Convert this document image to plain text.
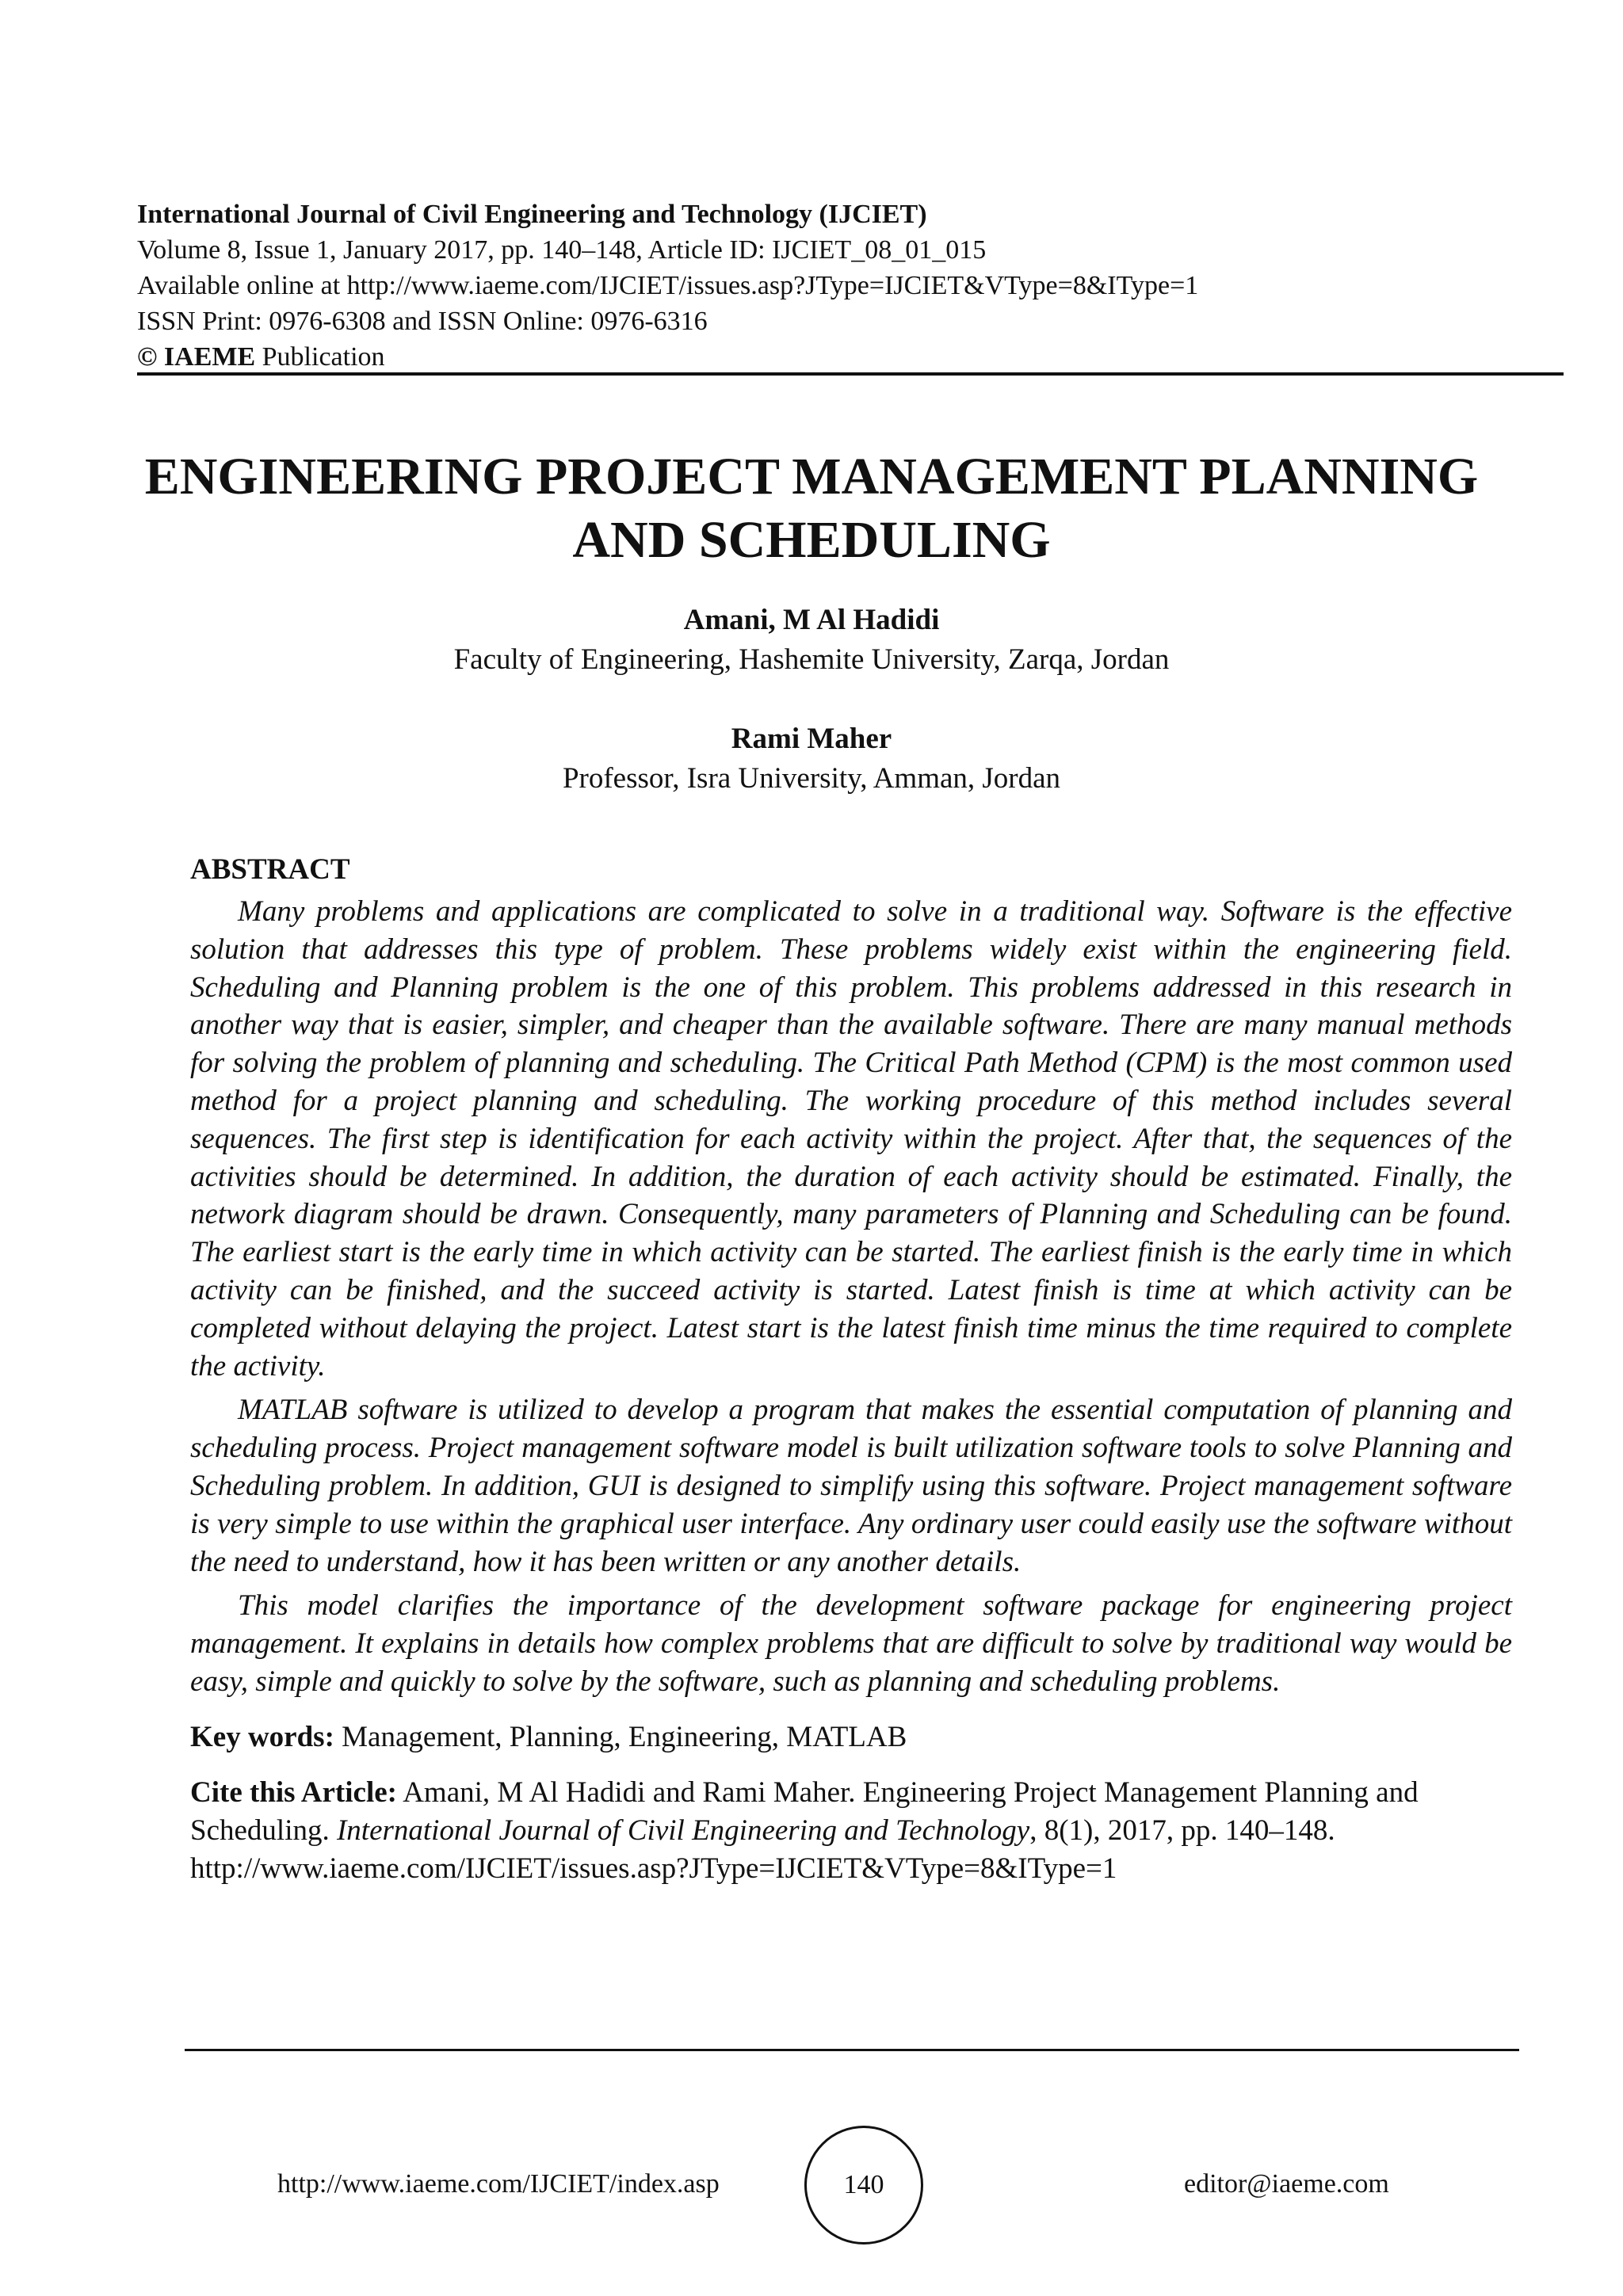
International Journal of Civil Engineering and Technology (IJCIET)
Volume 8, Issue 1, January 2017, pp. 140–148, Article ID: IJCIET_08_01_015
Available online at http://www.iaeme.com/IJCIET/issues.asp?JType=IJCIET&VType=8&IType=1
ISSN Print: 0976-6308 and ISSN Online: 0976-6316
© IAEME Publication
ENGINEERING PROJECT MANAGEMENT PLANNING
AND SCHEDULING
Amani, M Al Hadidi
Faculty of Engineering, Hashemite University, Zarqa, Jordan
Rami Maher
Professor, Isra University, Amman, Jordan
ABSTRACT

Many problems and applications are complicated to solve in a traditional way. Software is the effective solution that addresses this type of problem. These problems widely exist within the engineering field. Scheduling and Planning problem is the one of this problem. This problems addressed in this research in another way that is easier, simpler, and cheaper than the available software. There are many manual methods for solving the problem of planning and scheduling. The Critical Path Method (CPM) is the most common used method for a project planning and scheduling. The working procedure of this method includes several sequences. The first step is identification for each activity within the project. After that, the sequences of the activities should be determined. In addition, the duration of each activity should be estimated. Finally, the network diagram should be drawn. Consequently, many parameters of Planning and Scheduling can be found. The earliest start is the early time in which activity can be started. The earliest finish is the early time in which activity can be finished, and the succeed activity is started. Latest finish is time at which activity can be completed without delaying the project. Latest start is the latest finish time minus the time required to complete the activity.

MATLAB software is utilized to develop a program that makes the essential computation of planning and scheduling process. Project management software model is built utilization software tools to solve Planning and Scheduling problem. In addition, GUI is designed to simplify using this software. Project management software is very simple to use within the graphical user interface. Any ordinary user could easily use the software without the need to understand, how it has been written or any another details.

This model clarifies the importance of the development software package for engineering project management. It explains in details how complex problems that are difficult to solve by traditional way would be easy, simple and quickly to solve by the software, such as planning and scheduling problems.

Key words: Management, Planning, Engineering, MATLAB
Cite this Article: Amani, M Al Hadidi and Rami Maher. Engineering Project Management Planning and Scheduling. International Journal of Civil Engineering and Technology, 8(1), 2017, pp. 140–148.
http://www.iaeme.com/IJCIET/issues.asp?JType=IJCIET&VType=8&IType=1
http://www.iaeme.com/IJCIET/index.asp	140	editor@iaeme.com
